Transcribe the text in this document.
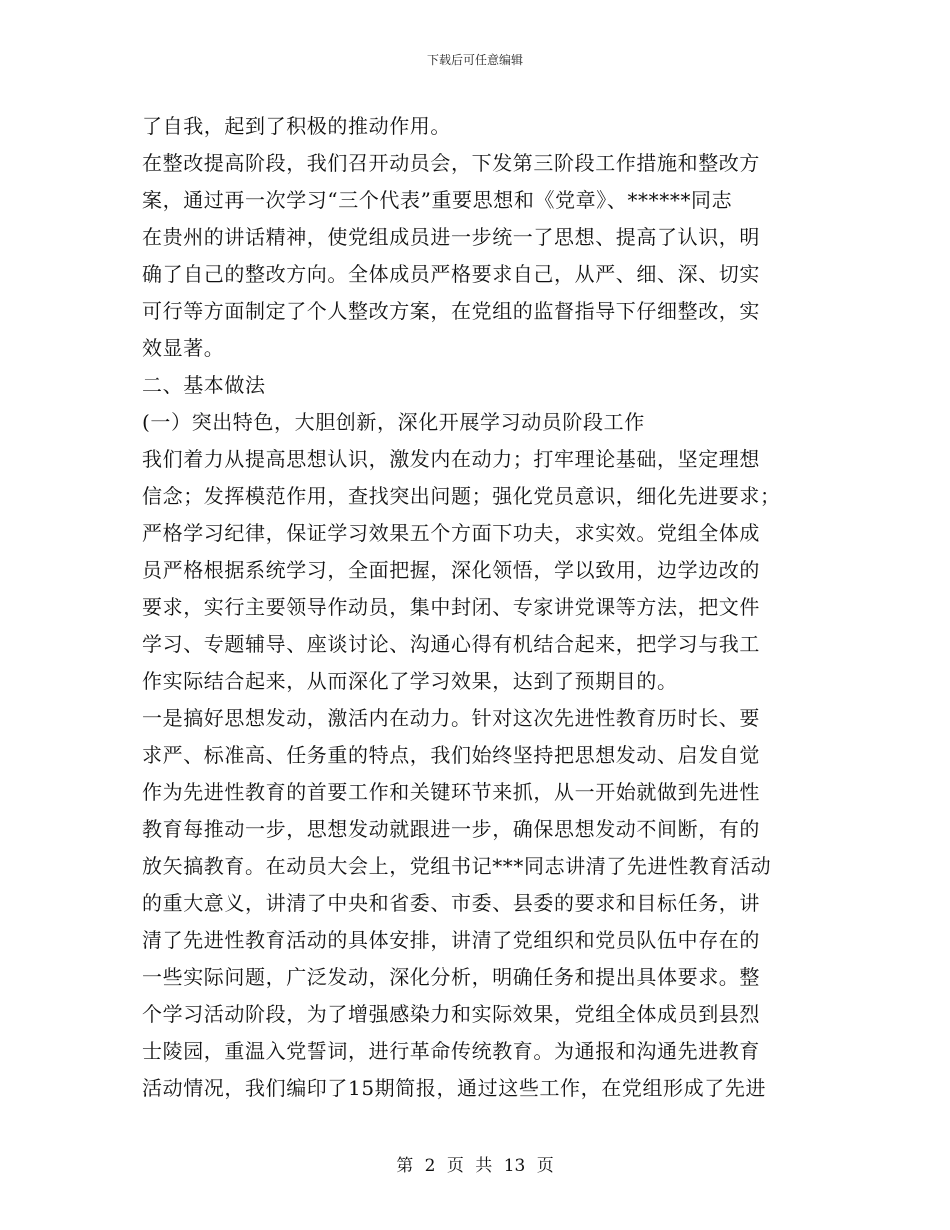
下载后可任意编辑
了自我，起到了积极的推动作用。
在整改提高阶段，我们召开动员会，下发第三阶段工作措施和整改方
案，通过再一次学习“三个代表”重要思想和《党章》、******同志
在贵州的讲话精神，使党组成员进一步统一了思想、提高了认识，明
确了自己的整改方向。全体成员严格要求自己，从严、细、深、切实
可行等方面制定了个人整改方案，在党组的监督指导下仔细整改，实
效显著。
二、基本做法
(一）突出特色，大胆创新，深化开展学习动员阶段工作
我们着力从提高思想认识，激发内在动力；打牢理论基础，坚定理想
信念；发挥模范作用，查找突出问题；强化党员意识，细化先进要求；
严格学习纪律，保证学习效果五个方面下功夫，求实效。党组全体成
员严格根据系统学习，全面把握，深化领悟，学以致用，边学边改的
要求，实行主要领导作动员，集中封闭、专家讲党课等方法，把文件
学习、专题辅导、座谈讨论、沟通心得有机结合起来，把学习与我工
作实际结合起来，从而深化了学习效果，达到了预期目的。
一是搞好思想发动，激活内在动力。针对这次先进性教育历时长、要
求严、标准高、任务重的特点，我们始终坚持把思想发动、启发自觉
作为先进性教育的首要工作和关键环节来抓，从一开始就做到先进性
教育每推动一步，思想发动就跟进一步，确保思想发动不间断，有的
放矢搞教育。在动员大会上，党组书记***同志讲清了先进性教育活动
的重大意义，讲清了中央和省委、市委、县委的要求和目标任务，讲
清了先进性教育活动的具体安排，讲清了党组织和党员队伍中存在的
一些实际问题，广泛发动，深化分析，明确任务和提出具体要求。整
个学习活动阶段，为了增强感染力和实际效果，党组全体成员到县烈
士陵园，重温入党誓词，进行革命传统教育。为通报和沟通先进教育
活动情况，我们编印了15期简报，通过这些工作，在党组形成了先进
第 2 页 共 13 页
